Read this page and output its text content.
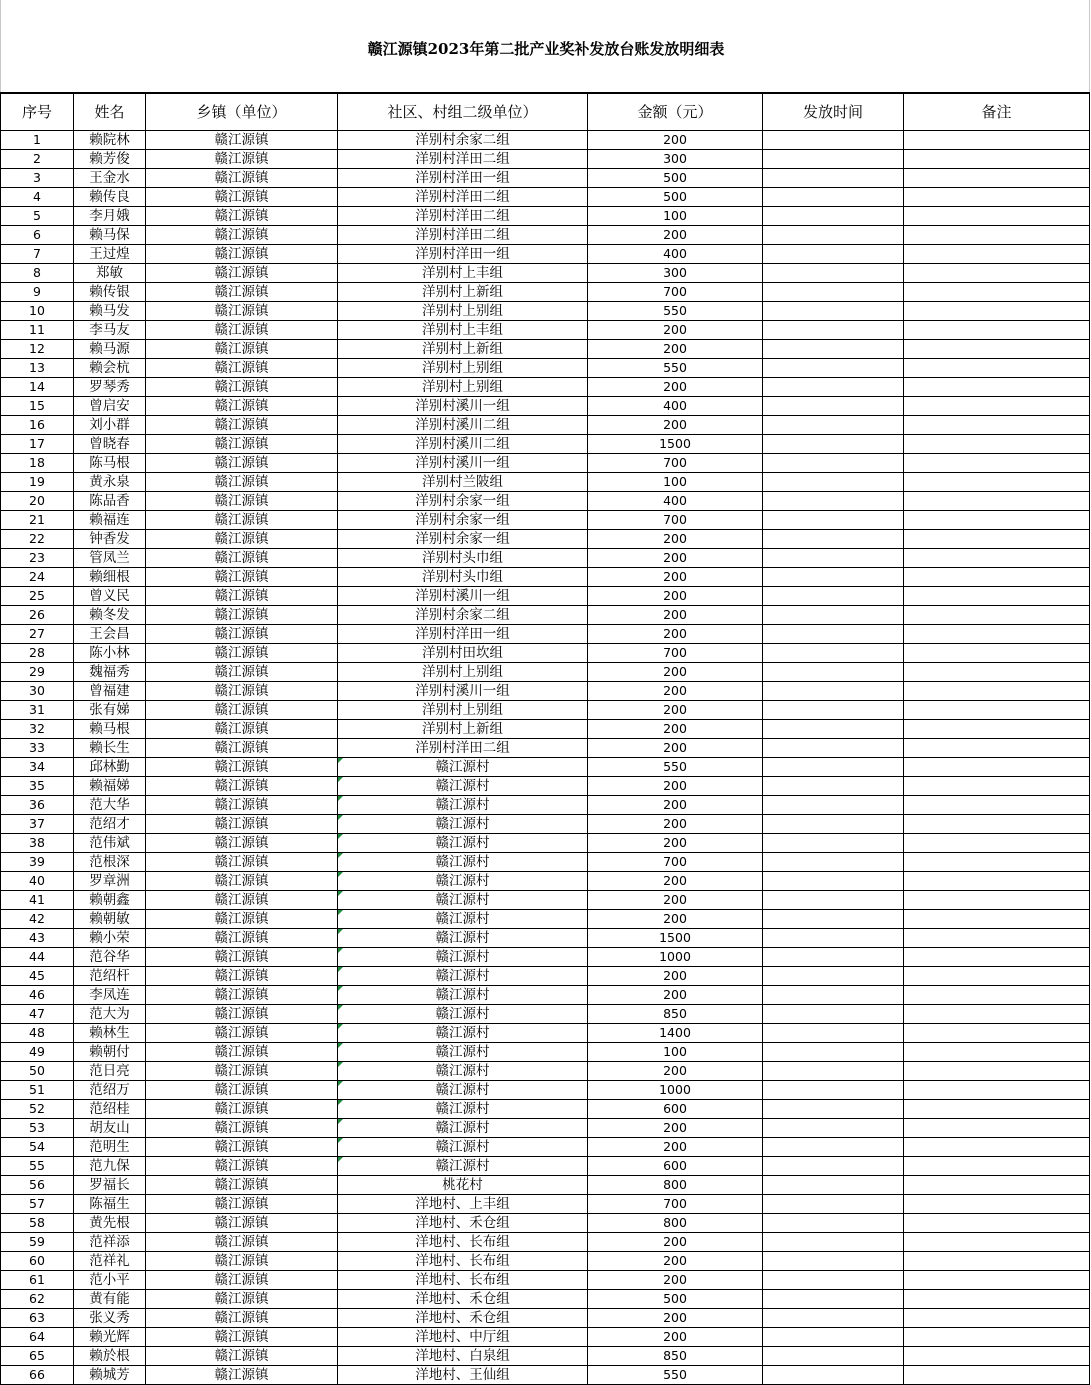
赣江源镇2023年第二批产业奖补发放台账发放明细表
序号	姓名	乡镇（单位）	社区、村组二级单位）	金额（元）	发放时间	备注
1	赖院林	赣江源镇	洋别村余家二组	200		
2	赖芳俊	赣江源镇	洋别村洋田二组	300		
3	王金水	赣江源镇	洋别村洋田一组	500		
4	赖传良	赣江源镇	洋别村洋田二组	500		
5	李月娥	赣江源镇	洋别村洋田二组	100		
6	赖马保	赣江源镇	洋别村洋田二组	200		
7	王过煌	赣江源镇	洋别村洋田一组	400		
8	郑敏	赣江源镇	洋别村上丰组	300		
9	赖传银	赣江源镇	洋别村上新组	700		
10	赖马发	赣江源镇	洋别村上别组	550		
11	李马友	赣江源镇	洋别村上丰组	200		
12	赖马源	赣江源镇	洋别村上新组	200		
13	赖会杭	赣江源镇	洋别村上别组	550		
14	罗琴秀	赣江源镇	洋别村上别组	200		
15	曾启安	赣江源镇	洋别村溪川一组	400		
16	刘小群	赣江源镇	洋别村溪川二组	200		
17	曾晓春	赣江源镇	洋别村溪川二组	1500		
18	陈马根	赣江源镇	洋别村溪川一组	700		
19	黄永泉	赣江源镇	洋别村兰陂组	100		
20	陈品香	赣江源镇	洋别村余家一组	400		
21	赖福连	赣江源镇	洋别村余家一组	700		
22	钟香发	赣江源镇	洋别村余家一组	200		
23	管凤兰	赣江源镇	洋别村头巾组	200		
24	赖细根	赣江源镇	洋别村头巾组	200		
25	曾义民	赣江源镇	洋别村溪川一组	200		
26	赖冬发	赣江源镇	洋别村余家二组	200		
27	王会昌	赣江源镇	洋别村洋田一组	200		
28	陈小林	赣江源镇	洋别村田坎组	700		
29	魏福秀	赣江源镇	洋别村上别组	200		
30	曾福建	赣江源镇	洋别村溪川一组	200		
31	张有娣	赣江源镇	洋别村上别组	200		
32	赖马根	赣江源镇	洋别村上新组	200		
33	赖长生	赣江源镇	洋别村洋田二组	200		
34	邱林勤	赣江源镇	赣江源村	550		
35	赖福娣	赣江源镇	赣江源村	200		
36	范大华	赣江源镇	赣江源村	200		
37	范绍才	赣江源镇	赣江源村	200		
38	范伟斌	赣江源镇	赣江源村	200		
39	范根深	赣江源镇	赣江源村	700		
40	罗章洲	赣江源镇	赣江源村	200		
41	赖朝鑫	赣江源镇	赣江源村	200		
42	赖朝敏	赣江源镇	赣江源村	200		
43	赖小荣	赣江源镇	赣江源村	1500		
44	范谷华	赣江源镇	赣江源村	1000		
45	范绍杆	赣江源镇	赣江源村	200		
46	李凤连	赣江源镇	赣江源村	200		
47	范大为	赣江源镇	赣江源村	850		
48	赖林生	赣江源镇	赣江源村	1400		
49	赖朝付	赣江源镇	赣江源村	100		
50	范日亮	赣江源镇	赣江源村	200		
51	范绍万	赣江源镇	赣江源村	1000		
52	范绍桂	赣江源镇	赣江源村	600		
53	胡友山	赣江源镇	赣江源村	200		
54	范明生	赣江源镇	赣江源村	200		
55	范九保	赣江源镇	赣江源村	600		
56	罗福长	赣江源镇	桃花村	800		
57	陈福生	赣江源镇	洋地村、上丰组	700		
58	黄先根	赣江源镇	洋地村、禾仓组	800		
59	范祥添	赣江源镇	洋地村、长布组	200		
60	范祥礼	赣江源镇	洋地村、长布组	200		
61	范小平	赣江源镇	洋地村、长布组	200		
62	黄有能	赣江源镇	洋地村、禾仓组	500		
63	张义秀	赣江源镇	洋地村、禾仓组	200		
64	赖光辉	赣江源镇	洋地村、中厅组	200		
65	赖於根	赣江源镇	洋地村、白泉组	850		
66	赖城芳	赣江源镇	洋地村、王仙组	550		
